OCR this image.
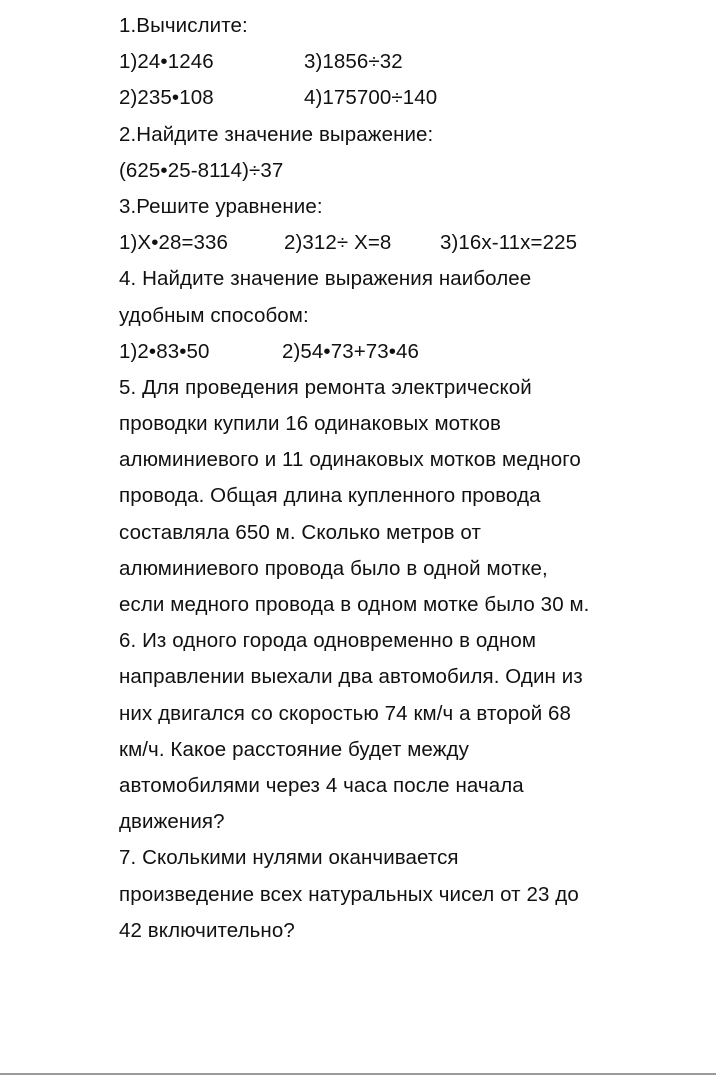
1.Вычислите:
1)24•1246	3)1856÷32
2)235•108	4)175700÷140
2.Найдите значение выражение:
(625•25-8114)÷37
3.Решите уравнение:
1)Х•28=336	2)312÷ Х=8 3)16х-11х=225
4. Найдите значение выражения наиболее
удобным способом:
1)2•83•50	2)54•73+73•46
5. Для проведения ремонта электрической
проводки купили 16 одинаковых мотков
алюминиевого и 11 одинаковых мотков медного
провода. Общая длина купленного провода
составляла 650 м. Сколько метров от
алюминиевого провода было в одной мотке,
если медного провода в одном мотке было 30 м.
6. Из одного города одновременно в одном
направлении выехали два автомобиля. Один из
них двигался со скоростью 74 км/ч а второй 68
км/ч. Какое расстояние будет между
автомобилями через 4 часа после начала
движения?
7. Сколькими нулями оканчивается
произведение всех натуральных чисел от 23 до
42 включительно?
